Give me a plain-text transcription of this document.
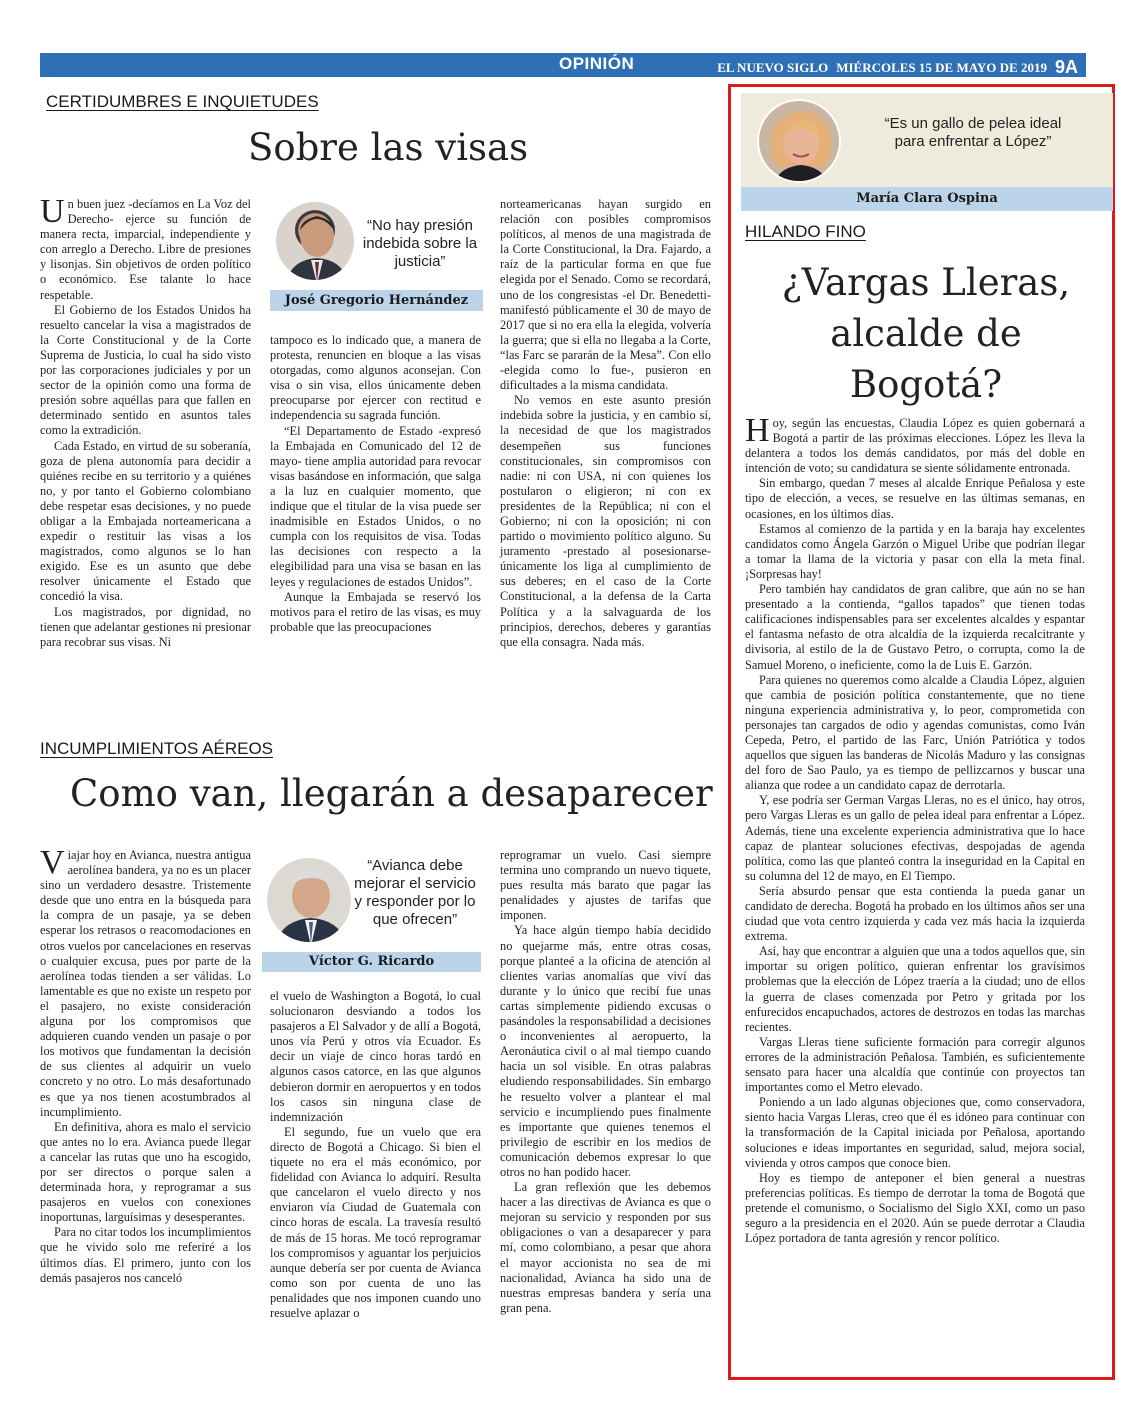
OPINIÓN	EL NUEVO SIGLO MIÉRCOLES 15 DE MAYO DE 2019 9A
CERTIDUMBRES E INQUIETUDES
Sobre las visas

Un buen juez -decíamos en La Voz del Derecho- ejerce su función de manera recta, imparcial, independiente y con arreglo a Derecho. Libre de presiones y lisonjas. Sin objetivos de orden político o económico. Ese talante lo hace respetable.

El Gobierno de los Estados Unidos ha resuelto cancelar la visa a magistrados de la Corte Constitucional y de la Corte Suprema de Justicia, lo cual ha sido visto por las corporaciones judiciales y por un sector de la opinión como una forma de presión sobre aquéllas para que fallen en determinado sentido en asuntos tales como la extradición.

Cada Estado, en virtud de su soberanía, goza de plena autonomía para decidir a quiénes recibe en su territorio y a quiénes no, y por tanto el Gobierno colombiano debe respetar esas decisiones, y no puede obligar a la Embajada norteamericana a expedir o restituir las visas a los magistrados, como algunos se lo han exigido. Ese es un asunto que debe resolver únicamente el Estado que concedió la visa.

Los magistrados, por dignidad, no tienen que adelantar gestiones ni presionar para recobrar sus visas. Ni

“No hay presión indebida sobre la justicia”
José Gregorio Hernández

tampoco es lo indicado que, a manera de protesta, renuncien en bloque a las visas otorgadas, como algunos aconsejan. Con visa o sin visa, ellos únicamente deben preocuparse por ejercer con rectitud e independencia su sagrada función.

“El Departamento de Estado -expresó la Embajada en Comunicado del 12 de mayo- tiene amplia autoridad para revocar visas basándose en información, que salga a la luz en cualquier momento, que indique que el titular de la visa puede ser inadmisible en Estados Unidos, o no cumpla con los requisitos de visa. Todas las decisiones con respecto a la elegibilidad para una visa se basan en las leyes y regulaciones de estados Unidos”.

Aunque la Embajada se reservó los motivos para el retiro de las visas, es muy probable que las preocupaciones

norteamericanas hayan surgido en relación con posibles compromisos políticos, al menos de una magistrada de la Corte Constitucional, la Dra. Fajardo, a raíz de la particular forma en que fue elegida por el Senado. Como se recordará, uno de los congresistas -el Dr. Benedetti- manifestó públicamente el 30 de mayo de 2017 que si no era ella la elegida, volvería la guerra; que si ella no llegaba a la Corte, “las Farc se pararán de la Mesa”. Con ello -elegida como lo fue-, pusieron en dificultades a la misma candidata.

No vemos en este asunto presión indebida sobre la justicia, y en cambio sí, la necesidad de que los magistrados desempeñen sus funciones constitucionales, sin compromisos con nadie: ni con USA, ni con quienes los postularon o eligieron; ni con ex presidentes de la República; ni con el Gobierno; ni con la oposición; ni con partido o movimiento político alguno. Su juramento -prestado al posesionarse- únicamente los liga al cumplimiento de sus deberes; en el caso de la Corte Constitucional, a la defensa de la Carta Política y a la salvaguarda de los principios, derechos, deberes y garantías que ella consagra. Nada más.

INCUMPLIMIENTOS AÉREOS
Como van, llegarán a desaparecer

Viajar hoy en Avianca, nuestra antigua aerolínea bandera, ya no es un placer sino un verdadero desastre. Tristemente desde que uno entra en la búsqueda para la compra de un pasaje, ya se deben esperar los retrasos o reacomodaciones en otros vuelos por cancelaciones en reservas o cualquier excusa, pues por parte de la aerolínea todas tienden a ser válidas. Lo lamentable es que no existe un respeto por el pasajero, no existe consideración alguna por los compromisos que adquieren cuando venden un pasaje o por los motivos que fundamentan la decisión de sus clientes al adquirir un vuelo concreto y no otro. Lo más desafortunado es que ya nos tienen acostumbrados al incumplimiento.

En definitiva, ahora es malo el servicio que antes no lo era. Avianca puede llegar a cancelar las rutas que uno ha escogido, por ser directos o porque salen a determinada hora, y reprogramar a sus pasajeros en vuelos con conexiones inoportunas, larguísimas y desesperantes.

Para no citar todos los incumplimientos que he vivido solo me referiré a los últimos días. El primero, junto con los demás pasajeros nos canceló

“Avianca debe mejorar el servicio y responder por lo que ofrecen”
Víctor G. Ricardo

el vuelo de Washington a Bogotá, lo cual solucionaron desviando a todos los pasajeros a El Salvador y de allí a Bogotá, unos vía Perú y otros vía Ecuador. Es decir un viaje de cinco horas tardó en algunos casos catorce, en las que algunos debieron dormir en aeropuertos y en todos los casos sin ninguna clase de indemnización

El segundo, fue un vuelo que era directo de Bogotá a Chicago. Si bien el tiquete no era el más económico, por fidelidad con Avianca lo adquirí. Resulta que cancelaron el vuelo directo y nos enviaron vía Ciudad de Guatemala con cinco horas de escala. La travesía resultó de más de 15 horas. Me tocó reprogramar los compromisos y aguantar los perjuicios aunque debería ser por cuenta de Avianca como son por cuenta de uno las penalidades que nos imponen cuando uno resuelve aplazar o

reprogramar un vuelo. Casi siempre termina uno comprando un nuevo tiquete, pues resulta más barato que pagar las penalidades y ajustes de tarifas que imponen.

Ya hace algún tiempo había decidido no quejarme más, entre otras cosas, porque planteé a la oficina de atención al clientes varias anomalías que viví das durante y lo único que recibí fue unas cartas simplemente pidiendo excusas o pasándoles la responsabilidad a decisiones o inconvenientes al aeropuerto, la Aeronáutica civil o al mal tiempo cuando hacia un sol visible. En otras palabras eludiendo responsabilidades. Sin embargo he resuelto volver a plantear el mal servicio e incumpliendo pues finalmente es importante que quienes tenemos el privilegio de escribir en los medios de comunicación debemos expresar lo que otros no han podido hacer.

La gran reflexión que les debemos hacer a las directivas de Avianca es que o mejoran su servicio y responden por sus obligaciones o van a desaparecer y para mí, como colombiano, a pesar que ahora el mayor accionista no sea de mi nacionalidad, Avianca ha sido una de nuestras empresas bandera y sería una gran pena.

“Es un gallo de pelea ideal para enfrentar a López”
María Clara Ospina
HILANDO FINO
¿Vargas Lleras,
alcalde de
Bogotá?

Hoy, según las encuestas, Claudia López es quien gobernará a Bogotá a partir de las próximas elecciones. López les lleva la delantera a todos los demás candidatos, por más del doble en intención de voto; su candidatura se siente sólidamente entronada.

Sin embargo, quedan 7 meses al alcalde Enrique Peñalosa y este tipo de elección, a veces, se resuelve en las últimas semanas, en ocasiones, en los últimos días.

Estamos al comienzo de la partida y en la baraja hay excelentes candidatos como Ángela Garzón o Miguel Uribe que podrían llegar a tomar la llama de la victoria y pasar con ella la meta final. ¡Sorpresas hay!

Pero también hay candidatos de gran calibre, que aún no se han presentado a la contienda, “gallos tapados” que tienen todas calificaciones indispensables para ser excelentes alcaldes y espantar el fantasma nefasto de otra alcaldía de la izquierda recalcitrante y divisoria, al estilo de la de Gustavo Petro, o corrupta, como la de Samuel Moreno, o ineficiente, como la de Luis E. Garzón.

Para quienes no queremos como alcalde a Claudia López, alguien que cambia de posición política constantemente, que no tiene ninguna experiencia administrativa y, lo peor, comprometida con personajes tan cargados de odio y agendas comunistas, como Iván Cepeda, Petro, el partido de las Farc, Unión Patriótica y todos aquellos que siguen las banderas de Nicolás Maduro y las consignas del foro de Sao Paulo, ya es tiempo de pellizcarnos y buscar una alianza que rodee a un candidato capaz de derrotarla.

Y, ese podría ser German Vargas Lleras, no es el único, hay otros, pero Vargas Lleras es un gallo de pelea ideal para enfrentar a López. Además, tiene una excelente experiencia administrativa que lo hace capaz de plantear soluciones efectivas, despojadas de agenda política, como las que planteó contra la inseguridad en la Capital en su columna del 12 de mayo, en El Tiempo.

Sería absurdo pensar que esta contienda la pueda ganar un candidato de derecha. Bogotá ha probado en los últimos años ser una ciudad que vota centro izquierda y cada vez más hacia la izquierda extrema.

Así, hay que encontrar a alguien que una a todos aquellos que, sin importar su origen político, quieran enfrentar los gravísimos problemas que la elección de López traería a la ciudad; uno de ellos la guerra de clases comenzada por Petro y gritada por los enfurecidos encapuchados, actores de destrozos en todas las marchas recientes.

Vargas Lleras tiene suficiente formación para corregir algunos errores de la administración Peñalosa. También, es suficientemente sensato para hacer una alcaldía que continúe con proyectos tan importantes como el Metro elevado.

Poniendo a un lado algunas objeciones que, como conservadora, siento hacia Vargas Lleras, creo que él es idóneo para continuar con la transformación de la Capital iniciada por Peñalosa, aportando soluciones e ideas importantes en seguridad, salud, mejora social, vivienda y otros campos que conoce bien.

Hoy es tiempo de anteponer el bien general a nuestras preferencias políticas. Es tiempo de derrotar la toma de Bogotá que pretende el comunismo, o Socialismo del Siglo XXI, como un paso seguro a la presidencia en el 2020. Aún se puede derrotar a Claudia López portadora de tanta agresión y rencor político.
